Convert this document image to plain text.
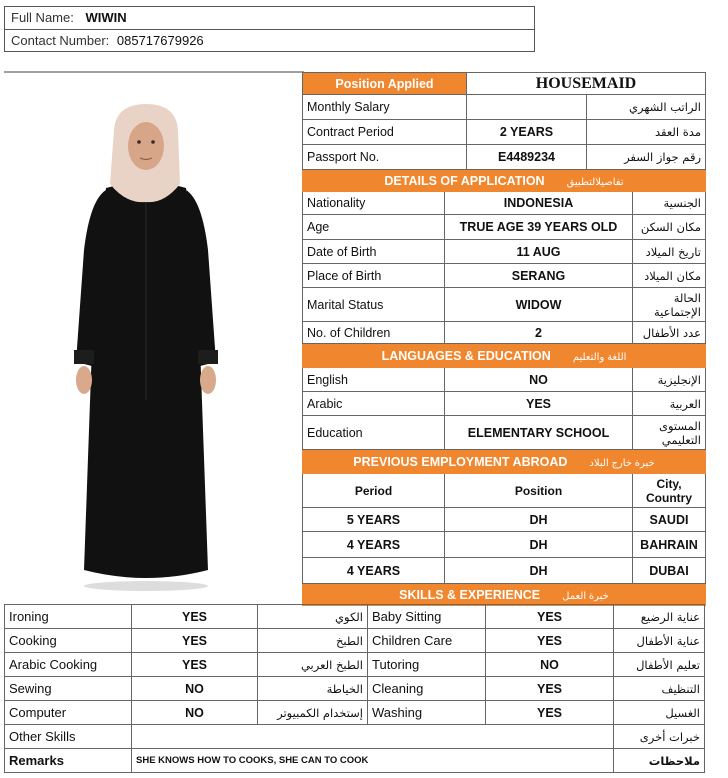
Full Name: WIWIN
Contact Number: 085717679926
Position Applied		HOUSEMAID		
Monthly Salary			الراتب الشهري	
Contract Period		2 YEARS	مدة العقد	
Passport No.		E4489234	رقم جواز السفر	
DETAILS OF APPLICATION تفاصيلالتطبيق				
Nationality	INDONESIA			الجنسية
Age	TRUE AGE 39 YEARS OLD			مكان السكن
Date of Birth	11 AUG			تاريخ الميلاد
Place of Birth	SERANG			مكان الميلاد
Marital Status	WIDOW			الحالة الإجتماعية
No. of Children	2			عدد الأطفال
LANGUAGES & EDUCATION اللغة والتعليم				
English	NO			الإنجليزية
Arabic	YES			العربية
Education	ELEMENTARY SCHOOL			المستوى التعليمي
PREVIOUS EMPLOYMENT ABROAD خبرة خارج البلاد				
Period	Position			City, Country
5 YEARS	DH			SAUDI
4 YEARS	DH			BAHRAIN
4 YEARS	DH			DUBAI
SKILLS & EXPERIENCE خبرة العمل				
Ironing	YES	الكوي	Baby Sitting	YES	عناية الرضيع
Cooking	YES	الطبخ	Children Care	YES	عناية الأطفال
Arabic Cooking	YES	الطبخ العربي	Tutoring	NO	تعليم الأطفال
Sewing	NO	الخياطة	Cleaning	YES	التنظيف
Computer	NO	إستخدام الكمبيوتر	Washing	YES	الغسيل
Other Skills					خبرات أخرى
Remarks	SHE KNOWS HOW TO COOKS, SHE CAN TO COOK				ملاحظات
